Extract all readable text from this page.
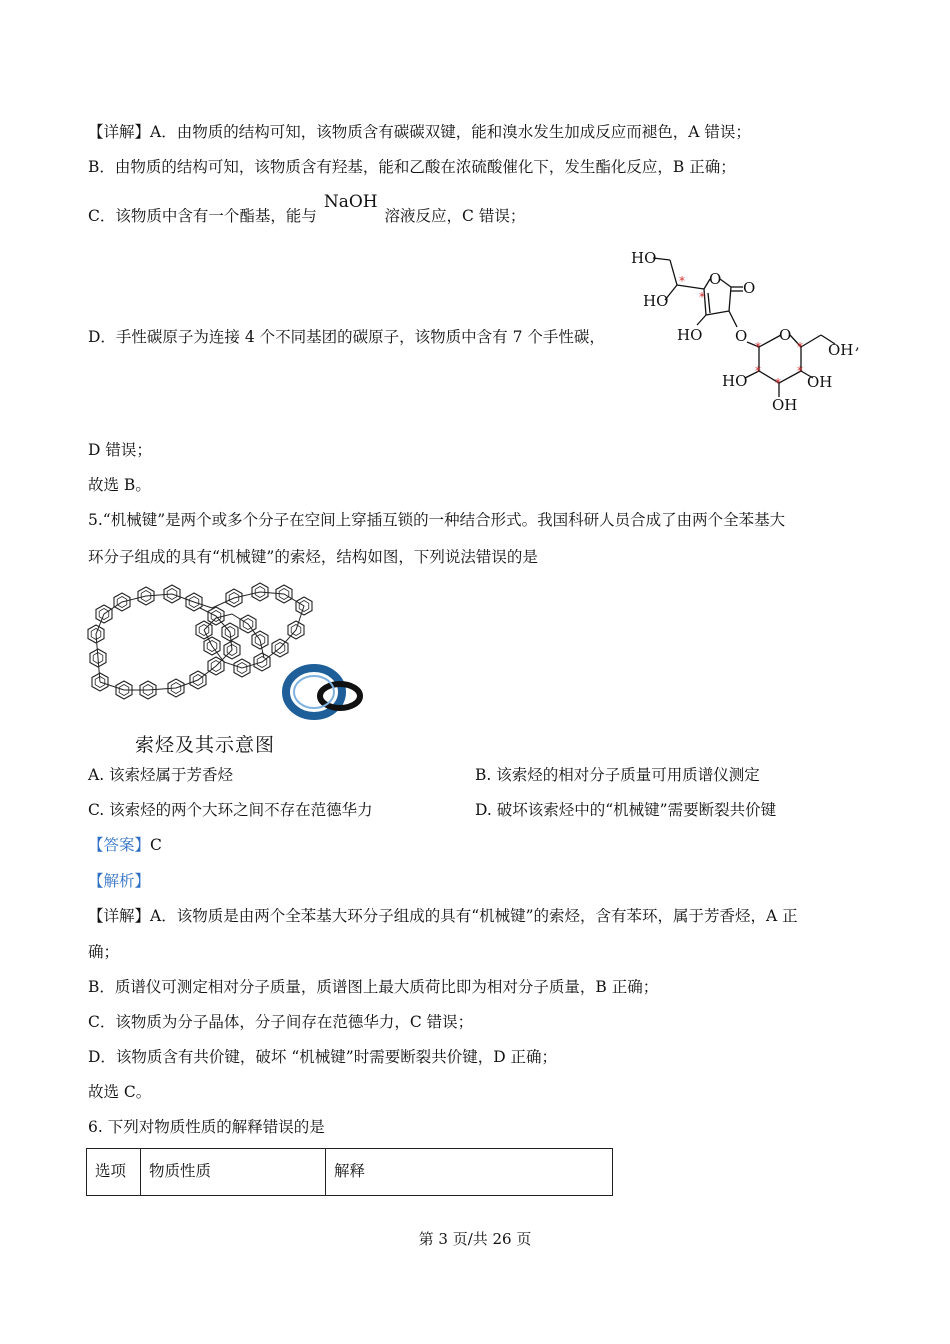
【详解】A．由物质的结构可知，该物质含有碳碳双键，能和溴水发生加成反应而褪色，A 错误；
B．由物质的结构可知，该物质含有羟基，能和乙酸在浓硫酸催化下，发生酯化反应，B 正确；
C．该物质中含有一个酯基，能与 NaOH 溶液反应，C 错误；
D．手性碳原子为连接 4 个不同基团的碳原子，该物质中含有 7 个手性碳，
*
*
*
*
*
*
*
HO
HO
O O
HO O O
OH
HO	OH
OH
,
D 错误；
故选 B。
5.“机械键”是两个或多个分子在空间上穿插互锁的一种结合形式。我国科研人员合成了由两个全苯基大
环分子组成的具有“机械键”的索烃，结构如图，下列说法错误的是
索烃及其示意图
A. 该索烃属于芳香烃	B. 该索烃的相对分子质量可用质谱仪测定
C. 该索烃的两个大环之间不存在范德华力	D. 破坏该索烃中的“机械键”需要断裂共价键
【答案】C
【解析】
【详解】A．该物质是由两个全苯基大环分子组成的具有“机械键”的索烃，含有苯环，属于芳香烃，A 正
确；
B．质谱仪可测定相对分子质量，质谱图上最大质荷比即为相对分子质量，B 正确；
C．该物质为分子晶体，分子间存在范德华力，C 错误；
D．该物质含有共价键，破坏 “机械键”时需要断裂共价键，D 正确；
故选 C。
6. 下列对物质性质的解释错误的是
选项	物质性质	解释
第 3 页/共 26 页
